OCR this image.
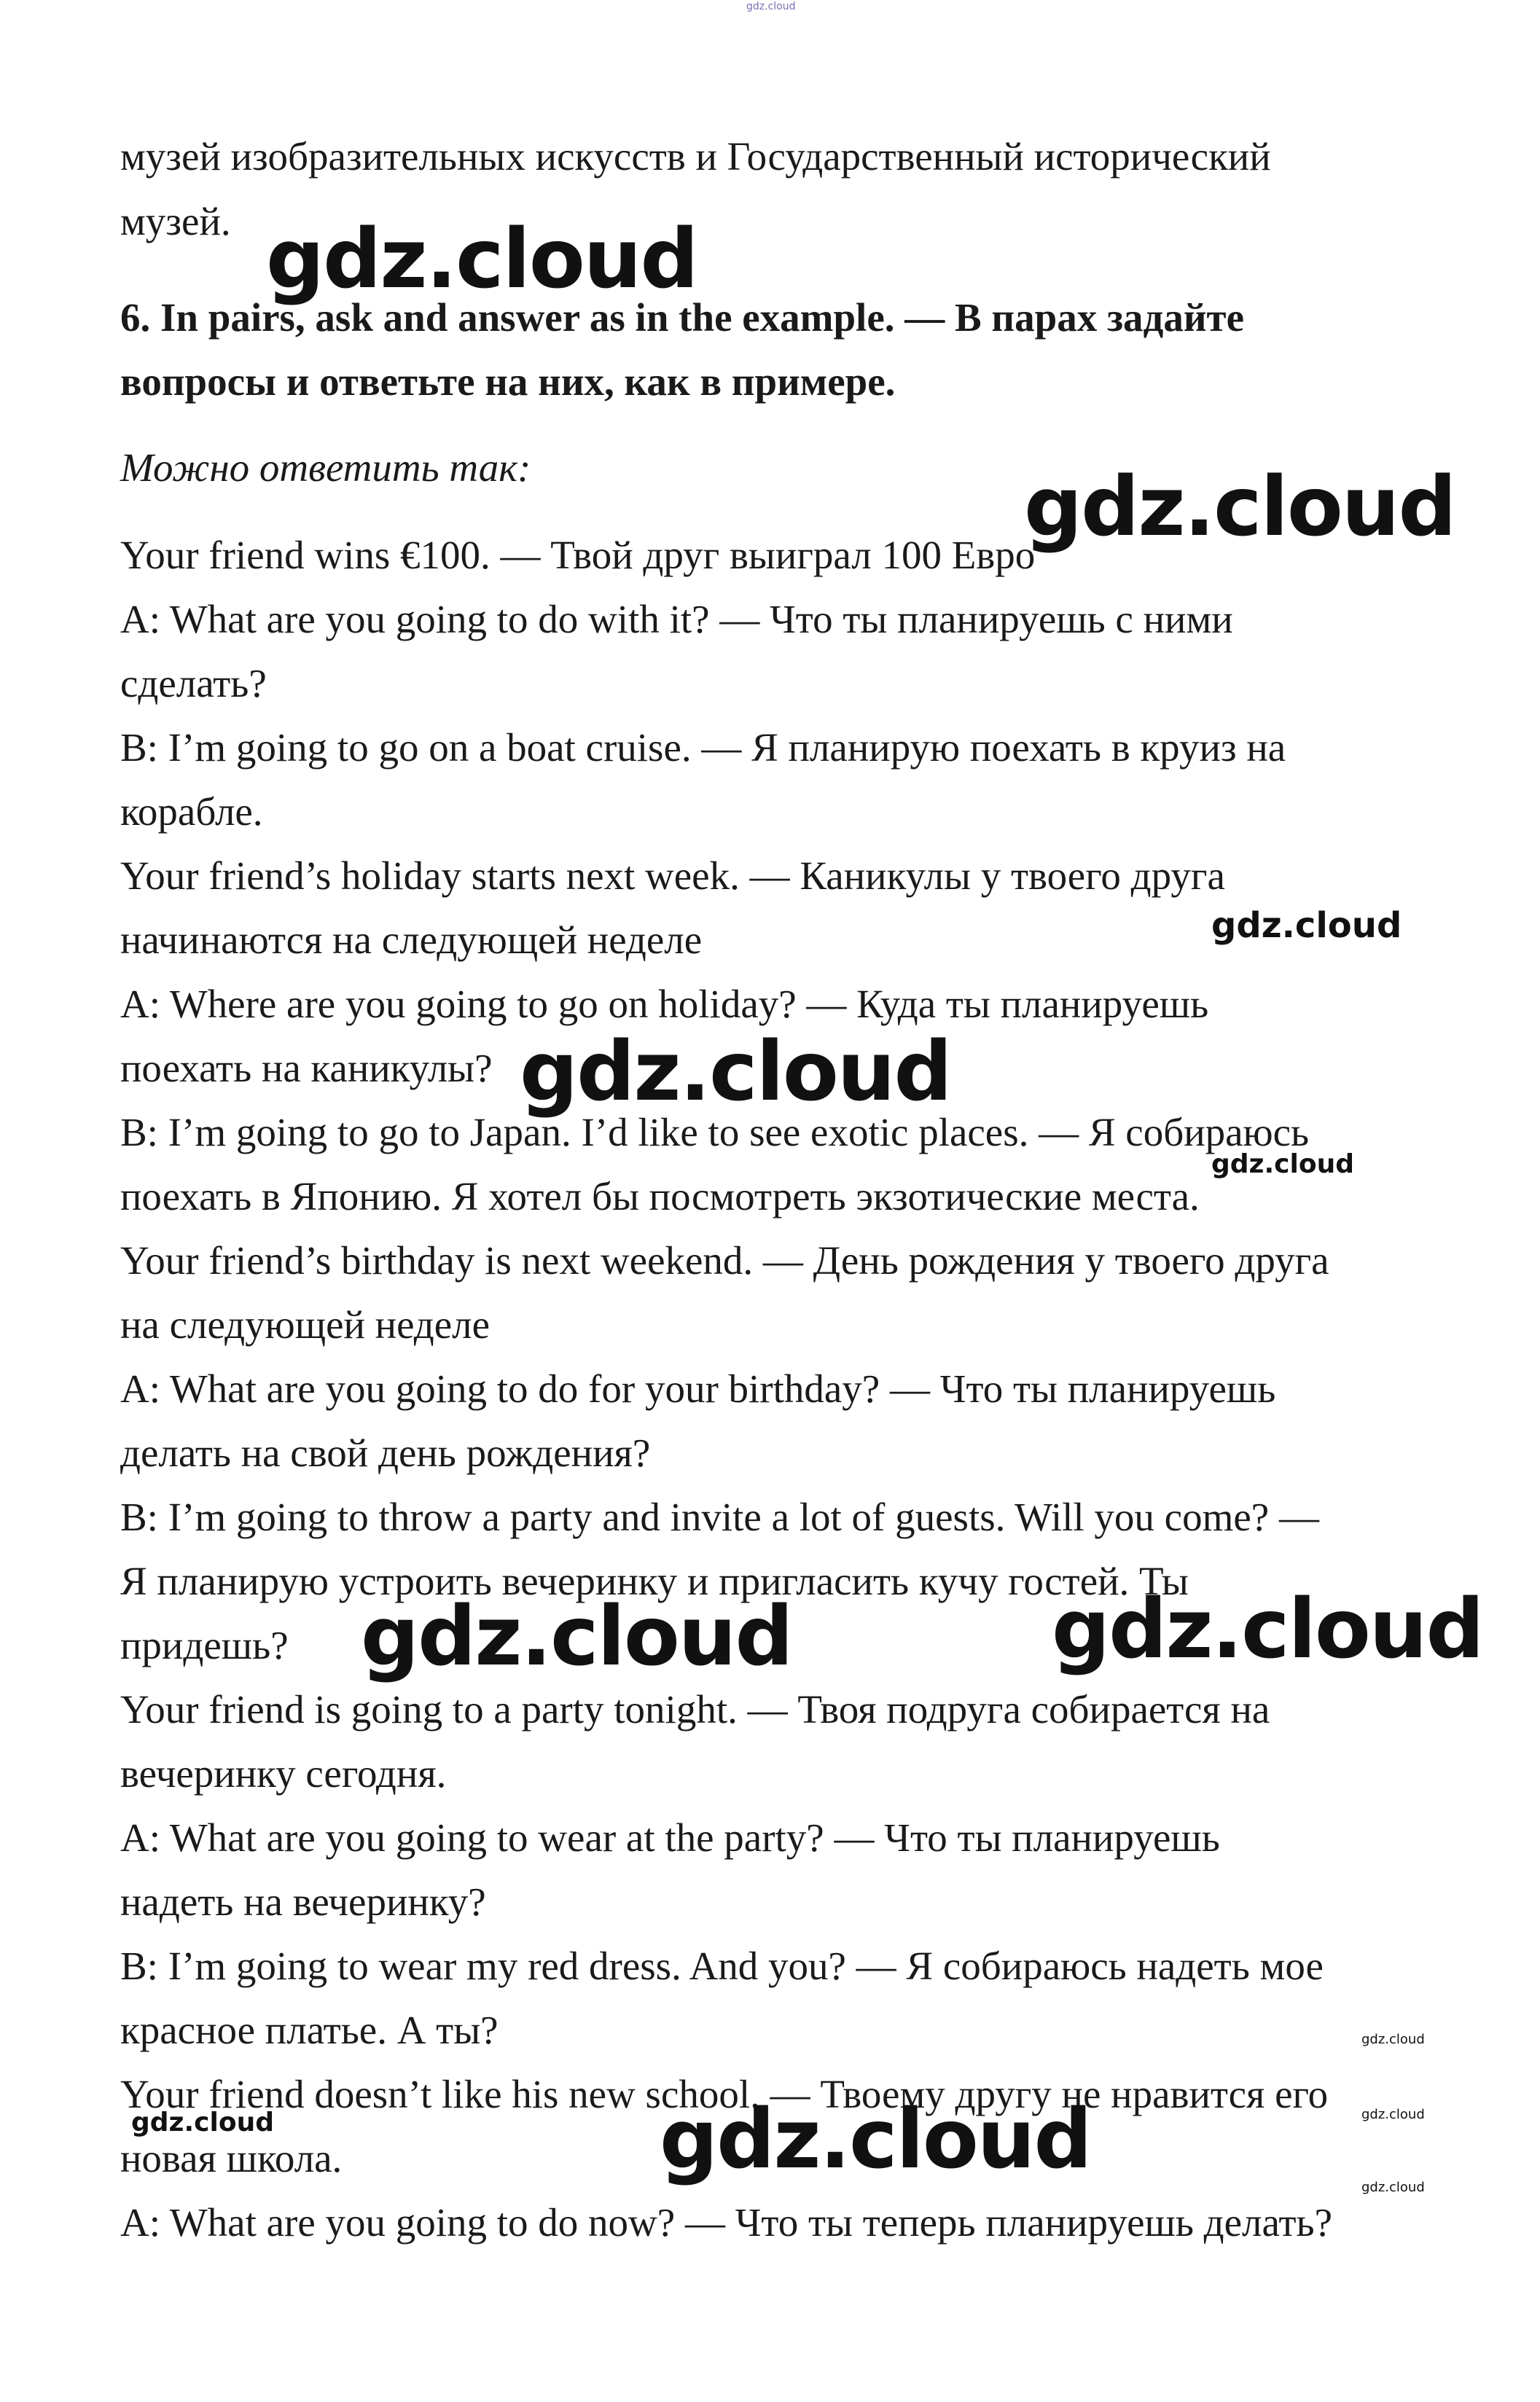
gdz.cloud

музей изобразительных искусств и Государственный исторический

музей.

6. In pairs, ask and answer as in the example. — В парах задайте

вопросы и ответьте на них, как в примере.

Можно ответить так:

Your friend wins €100. — Твой друг выиграл 100 Евро

A: What are you going to do with it? — Что ты планируешь с ними

сделать?

B: I’m going to go on a boat cruise. — Я планирую поехать в круиз на

корабле.

Your friend’s holiday starts next week. — Каникулы у твоего друга

начинаются на следующей неделе

A: Where are you going to go on holiday? — Куда ты планируешь

поехать на каникулы?

B: I’m going to go to Japan. I’d like to see exotic places. — Я собираюсь

поехать в Японию. Я хотел бы посмотреть экзотические места.

Your friend’s birthday is next weekend. — День рождения у твоего друга

на следующей неделе

A: What are you going to do for your birthday? — Что ты планируешь

делать на свой день рождения?

B: I’m going to throw a party and invite a lot of guests. Will you come? —

Я планирую устроить вечеринку и пригласить кучу гостей. Ты

придешь?

Your friend is going to a party tonight. — Твоя подруга собирается на

вечеринку сегодня.

A: What are you going to wear at the party? — Что ты планируешь

надеть на вечеринку?

B: I’m going to wear my red dress. And you? — Я собираюсь надеть мое

красное платье. А ты?

Your friend doesn’t like his new school. — Твоему другу не нравится его

новая школа.

A: What are you going to do now? — Что ты теперь планируешь делать?

gdz.cloud
gdz.cloud
gdz.cloud
gdz.cloud
gdz.cloud
gdz.cloud	gdz.cloud
gdz.cloud
gdz.cloud
gdz.cloud	gdz.cloud
gdz.cloud
